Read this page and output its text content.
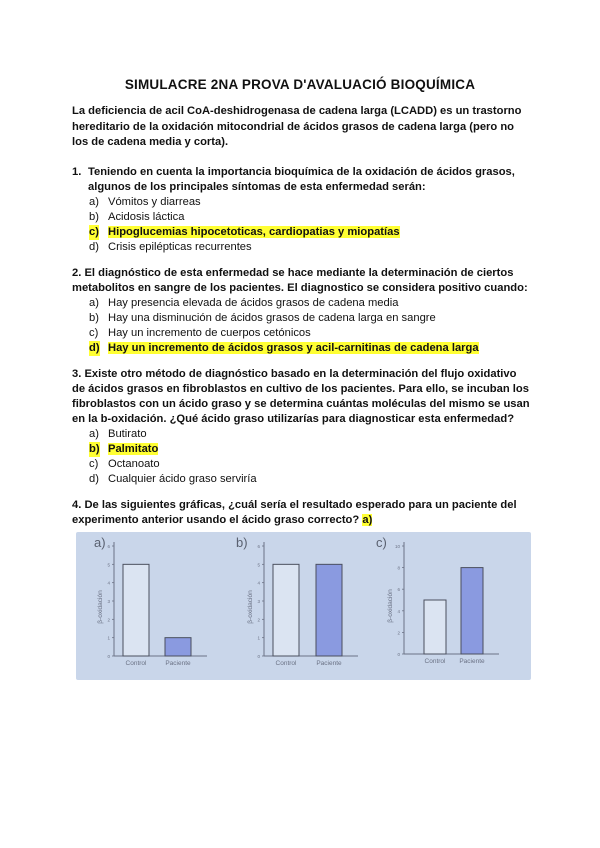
SIMULACRE 2NA PROVA D'AVALUACIÓ BIOQUÍMICA
La deficiencia de acil CoA-deshidrogenasa de cadena larga (LCADD) es un trastorno hereditario de la oxidación mitocondrial de ácidos grasos de cadena larga (pero no los de cadena media y corta).
1. Teniendo en cuenta la importancia bioquímica de la oxidación de ácidos grasos, algunos de los principales síntomas de esta enfermedad serán:
a) Vómitos y diarreas
b) Acidosis láctica
c) Hipoglucemias hipocetoticas, cardiopatias y miopatías
d) Crisis epilépticas recurrentes
2. El diagnóstico de esta enfermedad se hace mediante la determinación de ciertos metabolitos en sangre de los pacientes. El diagnostico se considera positivo cuando:
a) Hay presencia elevada de ácidos grasos de cadena media
b) Hay una disminución de ácidos grasos de cadena larga en sangre
c) Hay un incremento de cuerpos cetónicos
d) Hay un incremento de ácidos grasos y acil-carnitinas de cadena larga
3. Existe otro método de diagnóstico basado en la determinación del flujo oxidativo de ácidos grasos en fibroblastos en cultivo de los pacientes. Para ello, se incuban los fibroblastos con un ácido graso y se determina cuántas moléculas del mismo se usan en la b-oxidación. ¿Qué ácido graso utilizarías para diagnosticar esta enfermedad?
a) Butirato
b) Palmitato
c) Octanoato
d) Cualquier ácido graso serviría
4. De las siguientes gráficas, ¿cuál sería el resultado esperado para un paciente del experimento anterior usando el ácido graso correcto? a)
a)
0
1
2
3
4
5
6
β-oxidación
Control	Paciente
b)
0
1
2
3
4
5
6
β-oxidación
Control	Paciente
c)
0
2
4
6
8
10
β-oxidación
Control Paciente
